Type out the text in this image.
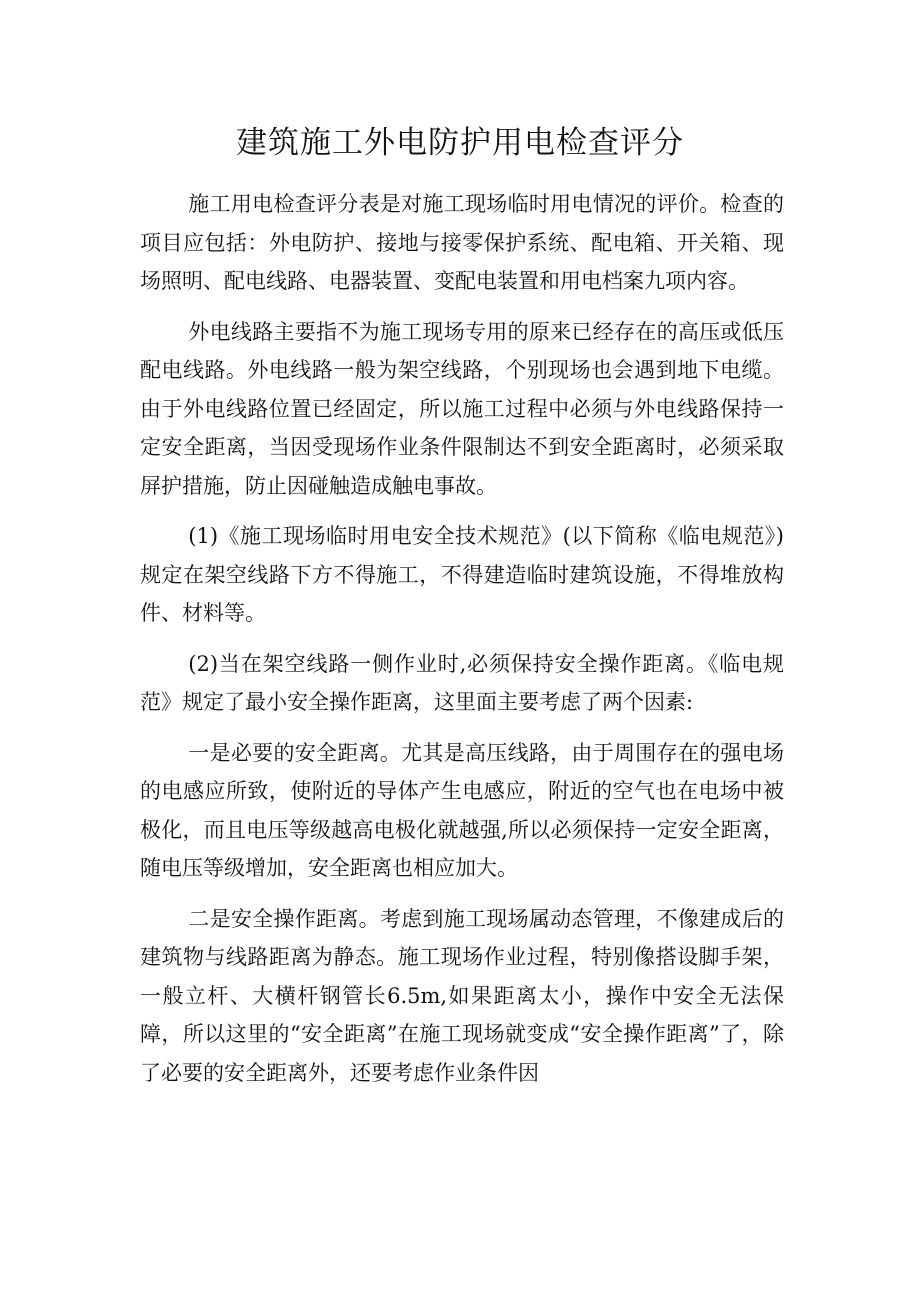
建筑施工外电防护用电检查评分

施工用电检查评分表是对施工现场临时用电情况的评价。检查的项目应包括：外电防护、接地与接零保护系统、配电箱、开关箱、现场照明、配电线路、电器装置、变配电装置和用电档案九项内容。

外电线路主要指不为施工现场专用的原来已经存在的高压或低压配电线路。外电线路一般为架空线路，个别现场也会遇到地下电缆。由于外电线路位置已经固定，所以施工过程中必须与外电线路保持一定安全距离，当因受现场作业条件限制达不到安全距离时，必须采取屏护措施，防止因碰触造成触电事故。

(1)《施工现场临时用电安全技术规范》(以下简称《临电规范》)规定在架空线路下方不得施工，不得建造临时建筑设施，不得堆放构件、材料等。

(2)当在架空线路一侧作业时,必须保持安全操作距离。《临电规范》规定了最小安全操作距离，这里面主要考虑了两个因素:

一是必要的安全距离。尤其是高压线路，由于周围存在的强电场的电感应所致，使附近的导体产生电感应，附近的空气也在电场中被极化，而且电压等级越高电极化就越强,所以必须保持一定安全距离，随电压等级增加，安全距离也相应加大。

二是安全操作距离。考虑到施工现场属动态管理，不像建成后的建筑物与线路距离为静态。施工现场作业过程，特别像搭设脚手架，一般立杆、大横杆钢管长6.5m,如果距离太小，操作中安全无法保障，所以这里的“安全距离”在施工现场就变成“安全操作距离”了，除了必要的安全距离外，还要考虑作业条件因
